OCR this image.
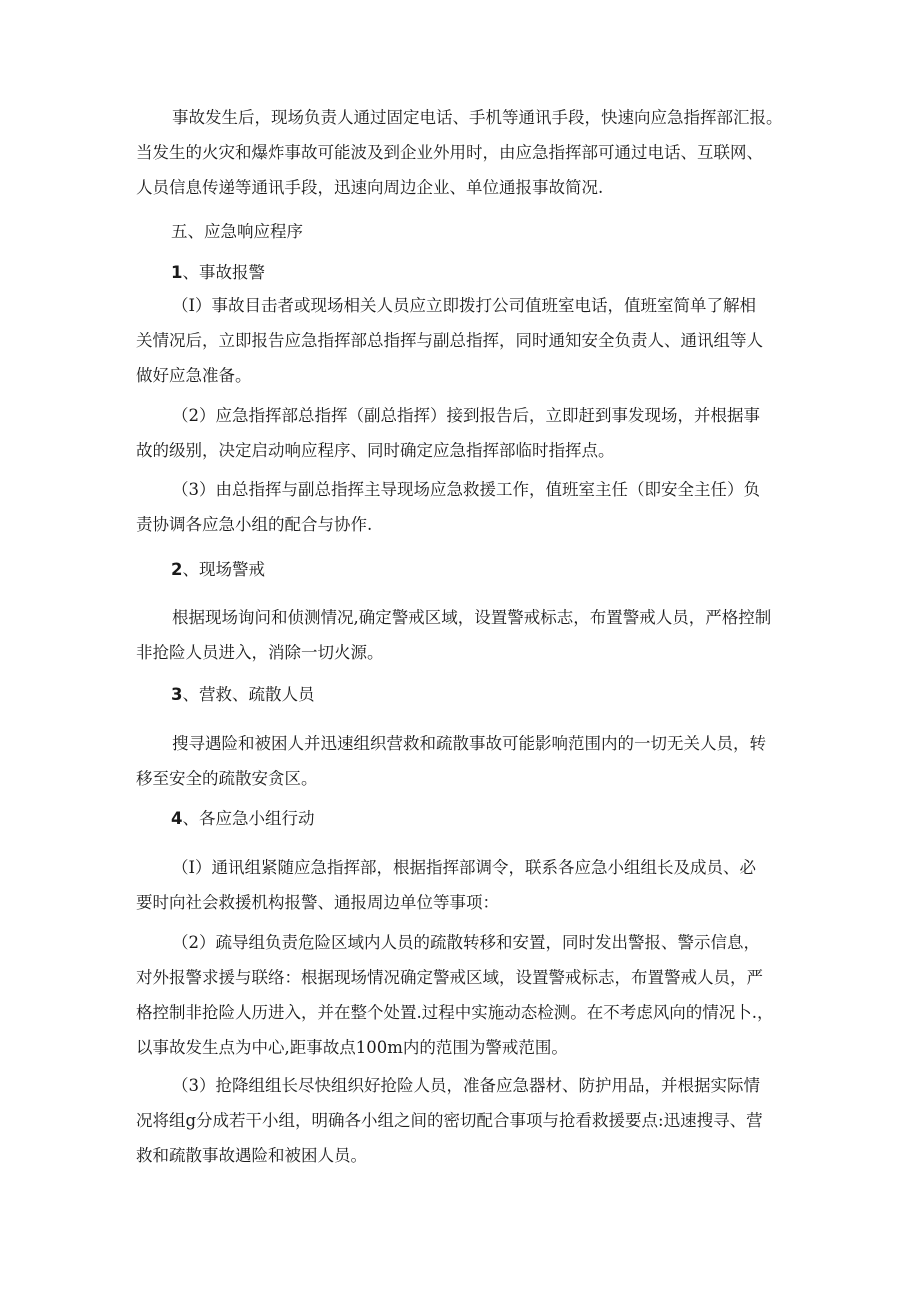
事故发生后，现场负责人通过固定电话、手机等通讯手段，快速向应急指挥部汇报。
当发生的火灾和爆炸事故可能波及到企业外用时，由应急指挥部可通过电话、互联网、
人员信息传递等通讯手段，迅速向周边企业、单位通报事故简况.

五、应急响应程序

1、事故报警

（I）事故目击者或现场相关人员应立即拨打公司值班室电话，值班室简单了解相
关情况后，立即报告应急指挥部总指挥与副总指挥，同时通知安全负责人、通讯组等人
做好应急准备。
（2）应急指挥部总指挥（副总指挥）接到报告后，立即赶到事发现场，并根据事
故的级别，决定启动响应程序、同时确定应急指挥部临时指挥点。
（3）由总指挥与副总指挥主导现场应急救援工作，值班室主任（即安全主任）负
责协调各应急小组的配合与协作.

2、现场警戒

根据现场询问和侦测情况,确定警戒区域，设置警戒标志，布置警戒人员，严格控制
非抢险人员进入，消除一切火源。

3、营救、疏散人员

搜寻遇险和被困人并迅速组织营救和疏散事故可能影响范围内的一切无关人员，转
移至安全的疏散安贪区。

4、各应急小组行动

（I）通讯组紧随应急指挥部，根据指挥部调令，联系各应急小组组长及成员、必
要时向社会救援机构报警、通报周边单位等事项：
（2）疏导组负责危险区域内人员的疏散转移和安置，同时发出警报、警示信息，
对外报警求援与联络：根据现场情况确定警戒区域，设置警戒标志，布置警戒人员，严
格控制非抢险人历进入，并在整个处置.过程中实施动态检测。在不考虑风向的情况卜.，
以事故发生点为中心,距事故点100m内的范围为警戒范围。
（3）抢降组组长尽快组织好抢险人员，准备应急器材、防护用品，并根据实际情
况将组g分成若干小组，明确各小组之间的密切配合事项与抢看救援要点:迅速搜寻、营
救和疏散事故遇险和被困人员。
